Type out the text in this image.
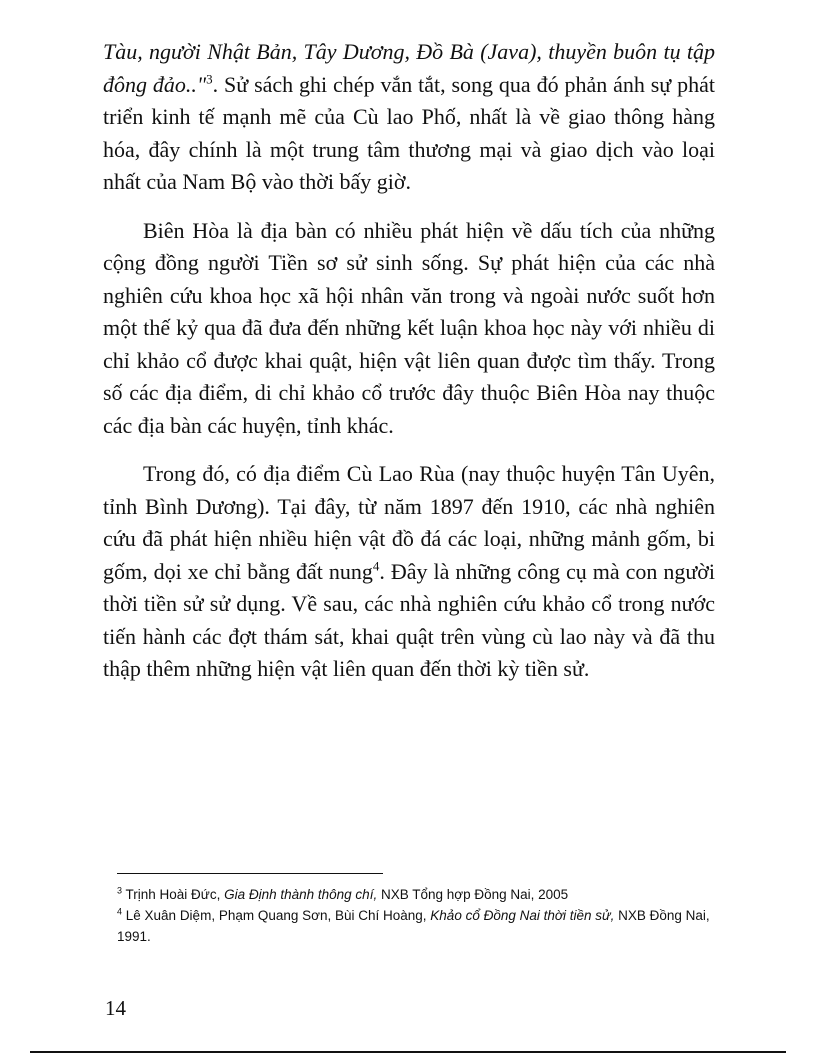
Tàu, người Nhật Bản, Tây Dương, Đồ Bà (Java), thuyền buôn tụ tập đông đảo.."$^3$. Sử sách ghi chép vắn tắt, song qua đó phản ánh sự phát triển kinh tế mạnh mẽ của Cù lao Phố, nhất là về giao thông hàng hóa, đây chính là một trung tâm thương mại và giao dịch vào loại nhất của Nam Bộ vào thời bấy giờ.

Biên Hòa là địa bàn có nhiều phát hiện về dấu tích của những cộng đồng người Tiền sơ sử sinh sống. Sự phát hiện của các nhà nghiên cứu khoa học xã hội nhân văn trong và ngoài nước suốt hơn một thế kỷ qua đã đưa đến những kết luận khoa học này với nhiều di chỉ khảo cổ được khai quật, hiện vật liên quan được tìm thấy. Trong số các địa điểm, di chỉ khảo cổ trước đây thuộc Biên Hòa nay thuộc các địa bàn các huyện, tỉnh khác.

Trong đó, có địa điểm Cù Lao Rùa (nay thuộc huyện Tân Uyên, tỉnh Bình Dương). Tại đây, từ năm 1897 đến 1910, các nhà nghiên cứu đã phát hiện nhiều hiện vật đồ đá các loại, những mảnh gốm, bi gốm, dọi xe chỉ bằng đất nung$^4$. Đây là những công cụ mà con người thời tiền sử sử dụng. Về sau, các nhà nghiên cứu khảo cổ trong nước tiến hành các đợt thám sát, khai quật trên vùng cù lao này và đã thu thập thêm những hiện vật liên quan đến thời kỳ tiền sử.

$^3$ Trịnh Hoài Đức, Gia Định thành thông chí, NXB Tổng hợp Đồng Nai, 2005

$^4$ Lê Xuân Diệm, Phạm Quang Sơn, Bùi Chí Hoàng, Khảo cổ Đồng Nai thời tiền sử, NXB Đồng Nai, 1991.

14
